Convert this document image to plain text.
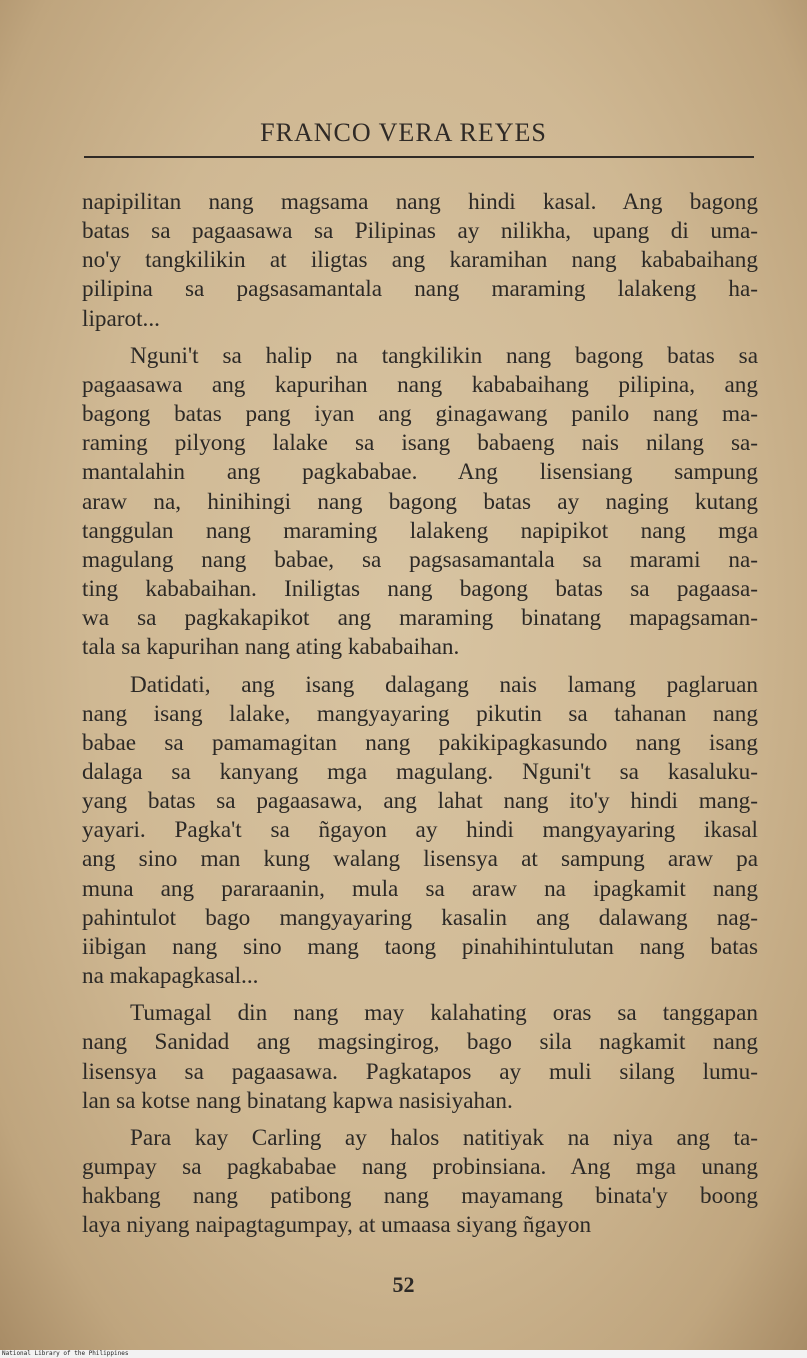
FRANCO VERA REYES
napipilitan nang magsama nang hindi kasal. Ang bagong
batas sa pagaasawa sa Pilipinas ay nilikha, upang di uma-
no'y tangkilikin at iligtas ang karamihan nang kababaihang
pilipina sa pagsasamantala nang maraming lalakeng ha-
liparot...
Nguni't sa halip na tangkilikin nang bagong batas sa
pagaasawa ang kapurihan nang kababaihang pilipina, ang
bagong batas pang iyan ang ginagawang panilo nang ma-
raming pilyong lalake sa isang babaeng nais nilang sa-
mantalahin ang pagkababae. Ang lisensiang sampung
araw na, hinihingi nang bagong batas ay naging kutang
tanggulan nang maraming lalakeng napipikot nang mga
magulang nang babae, sa pagsasamantala sa marami na-
ting kababaihan. Iniligtas nang bagong batas sa pagaasa-
wa sa pagkakapikot ang maraming binatang mapagsaman-
tala sa kapurihan nang ating kababaihan.
Datidati, ang isang dalagang nais lamang paglaruan
nang isang lalake, mangyayaring pikutin sa tahanan nang
babae sa pamamagitan nang pakikipagkasundo nang isang
dalaga sa kanyang mga magulang. Nguni't sa kasaluku-
yang batas sa pagaasawa, ang lahat nang ito'y hindi mang-
yayari. Pagka't sa ñgayon ay hindi mangyayaring ikasal
ang sino man kung walang lisensya at sampung araw pa
muna ang pararaanin, mula sa araw na ipagkamit nang
pahintulot bago mangyayaring kasalin ang dalawang nag-
iibigan nang sino mang taong pinahihintulutan nang batas
na makapagkasal...
Tumagal din nang may kalahating oras sa tanggapan
nang Sanidad ang magsingirog, bago sila nagkamit nang
lisensya sa pagaasawa. Pagkatapos ay muli silang lumu-
lan sa kotse nang binatang kapwa nasisiyahan.
Para kay Carling ay halos natitiyak na niya ang ta-
gumpay sa pagkababae nang probinsiana. Ang mga unang
hakbang nang patibong nang mayamang binata'y boong
laya niyang naipagtagumpay, at umaasa siyang ñgayon
52
National Library of the Philippines
